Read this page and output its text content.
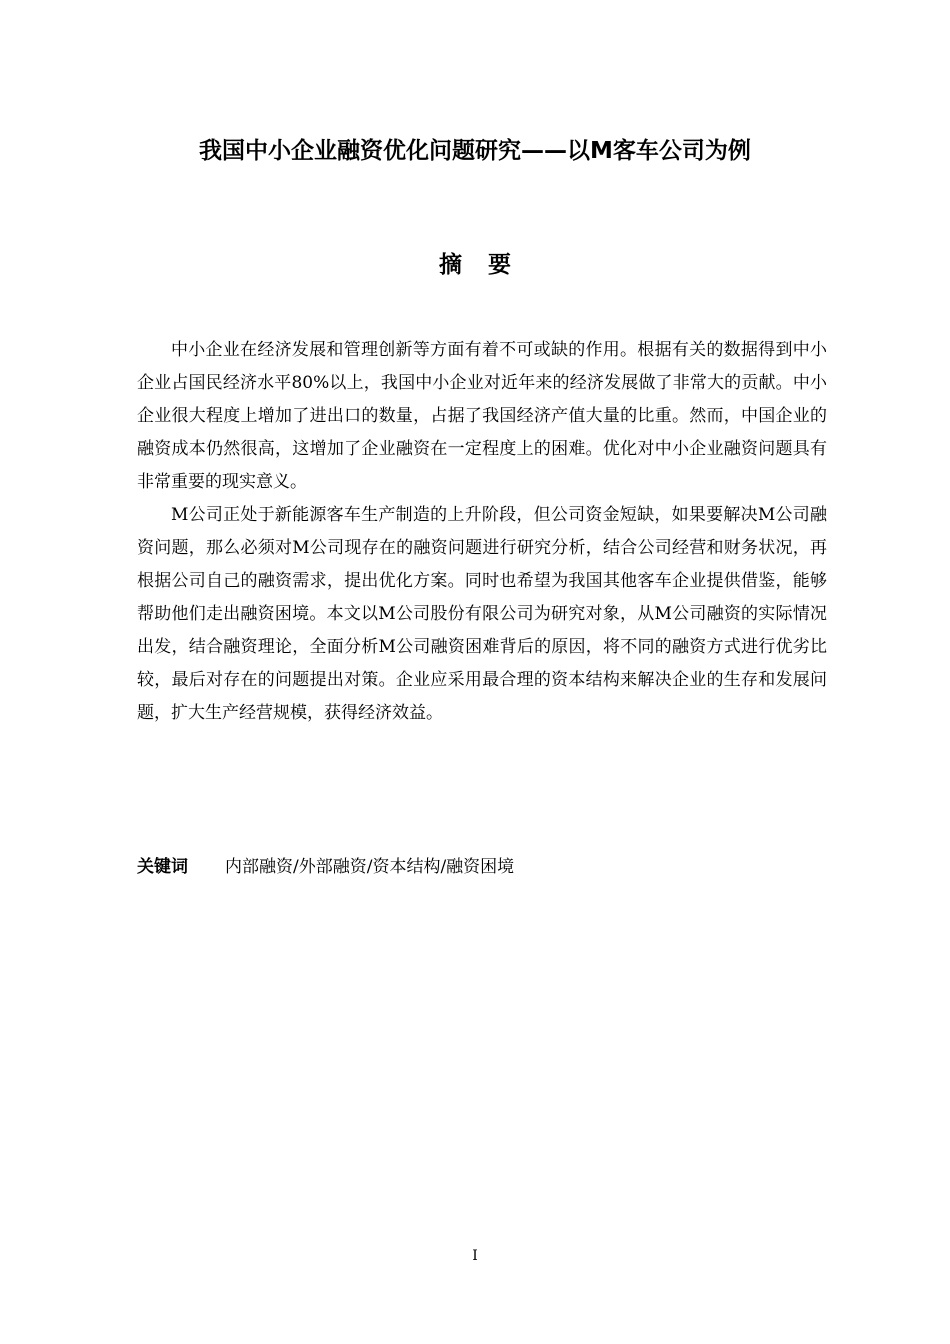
我国中小企业融资优化问题研究——以M客车公司为例
摘要

中小企业在经济发展和管理创新等方面有着不可或缺的作用。根据有关的数据得到中小企业占国民经济水平80%以上，我国中小企业对近年来的经济发展做了非常大的贡献。中小企业很大程度上增加了进出口的数量，占据了我国经济产值大量的比重。然而，中国企业的融资成本仍然很高，这增加了企业融资在一定程度上的困难。优化对中小企业融资问题具有非常重要的现实意义。

M公司正处于新能源客车生产制造的上升阶段，但公司资金短缺，如果要解决M公司融资问题，那么必须对M公司现存在的融资问题进行研究分析，结合公司经营和财务状况，再根据公司自己的融资需求，提出优化方案。同时也希望为我国其他客车企业提供借鉴，能够帮助他们走出融资困境。本文以M公司股份有限公司为研究对象，从M公司融资的实际情况出发，结合融资理论，全面分析M公司融资困难背后的原因，将不同的融资方式进行优劣比较，最后对存在的问题提出对策。企业应采用最合理的资本结构来解决企业的生存和发展问题，扩大生产经营规模，获得经济效益。

关键词 内部融资/外部融资/资本结构/融资困境
I
